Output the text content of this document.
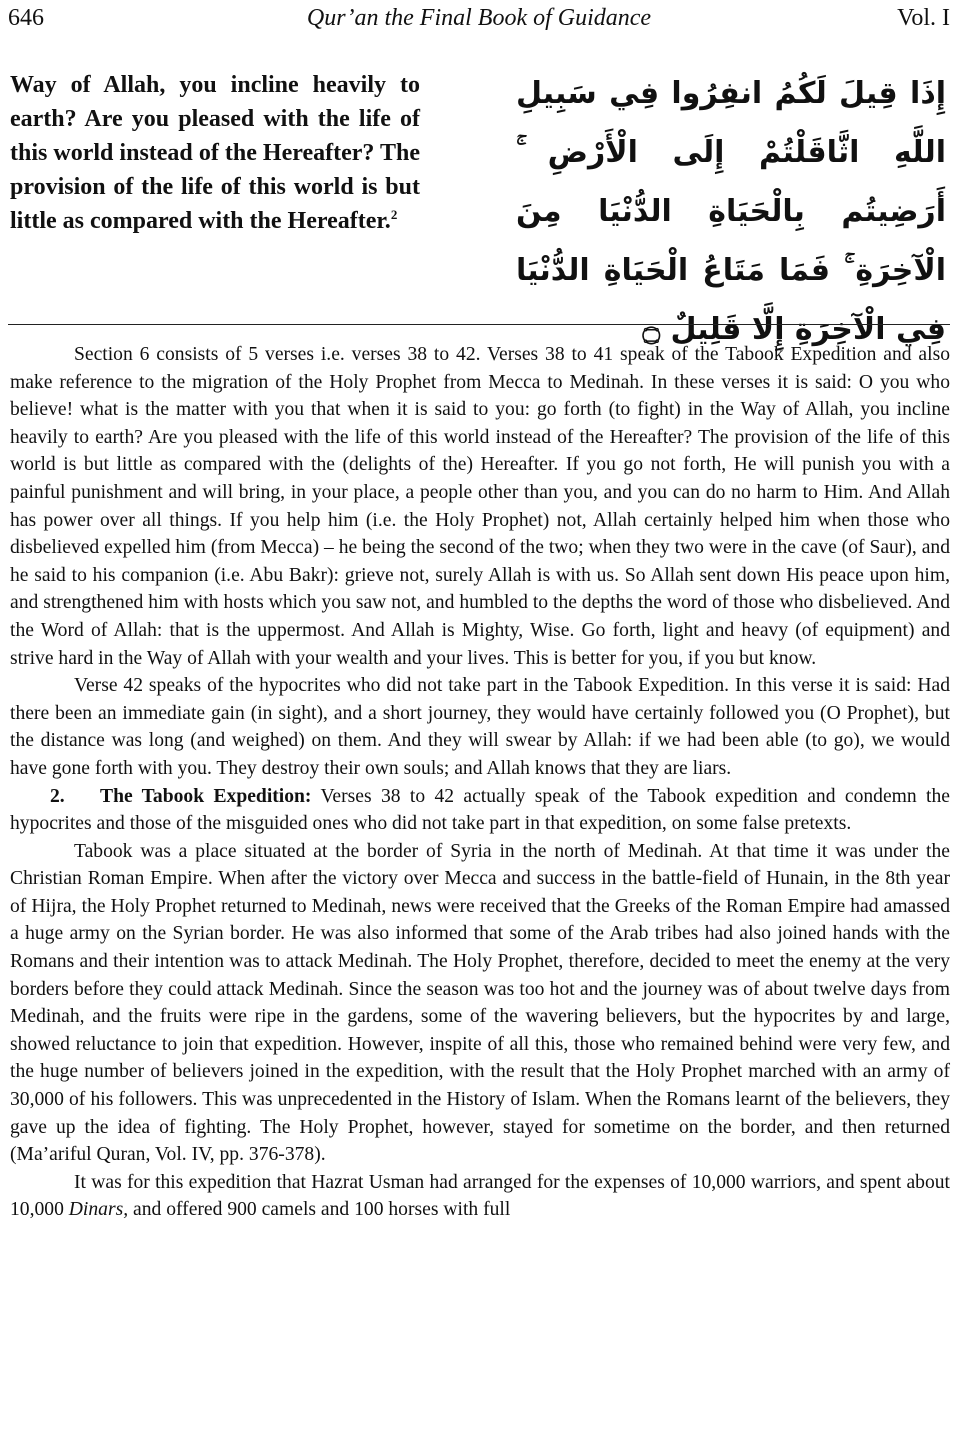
646	Qur’an the Final Book of Guidance	Vol. I
Way of Allah, you incline heavily to earth? Are you pleased with the life of this world instead of the Hereafter? The provision of the life of this world is but little as compared with the Hereafter.$^2$
إِذَا قِيلَ لَكُمُ انفِرُوا فِي سَبِيلِ اللَّهِ اثَّاقَلْتُمْ إِلَى الْأَرْضِ ۚ أَرَضِيتُم بِالْحَيَاةِ الدُّنْيَا مِنَ الْآخِرَةِ ۚ فَمَا مَتَاعُ الْحَيَاةِ الدُّنْيَا فِي الْآخِرَةِ إِلَّا قَلِيلٌ ۝

Section 6 consists of 5 verses i.e. verses 38 to 42. Verses 38 to 41 speak of the Tabook Expedition and also make reference to the migration of the Holy Prophet from Mecca to Medinah. In these verses it is said: O you who believe! what is the matter with you that when it is said to you: go forth (to fight) in the Way of Allah, you incline heavily to earth? Are you pleased with the life of this world instead of the Hereafter? The provision of the life of this world is but little as compared with the (delights of the) Hereafter. If you go not forth, He will punish you with a painful punishment and will bring, in your place, a people other than you, and you can do no harm to Him. And Allah has power over all things. If you help him (i.e. the Holy Prophet) not, Allah certainly helped him when those who disbelieved expelled him (from Mecca) – he being the second of the two; when they two were in the cave (of Saur), and he said to his companion (i.e. Abu Bakr): grieve not, surely Allah is with us. So Allah sent down His peace upon him, and strengthened him with hosts which you saw not, and humbled to the depths the word of those who disbelieved. And the Word of Allah: that is the uppermost. And Allah is Mighty, Wise. Go forth, light and heavy (of equipment) and strive hard in the Way of Allah with your wealth and your lives. This is better for you, if you but know.

Verse 42 speaks of the hypocrites who did not take part in the Tabook Expedition. In this verse it is said: Had there been an immediate gain (in sight), and a short journey, they would have certainly followed you (O Prophet), but the distance was long (and weighed) on them. And they will swear by Allah: if we had been able (to go), we would have gone forth with you. They destroy their own souls; and Allah knows that they are liars.

2. The Tabook Expedition: Verses 38 to 42 actually speak of the Tabook expedition and condemn the hypocrites and those of the misguided ones who did not take part in that expedition, on some false pretexts.

Tabook was a place situated at the border of Syria in the north of Medinah. At that time it was under the Christian Roman Empire. When after the victory over Mecca and success in the battle-field of Hunain, in the 8th year of Hijra, the Holy Prophet returned to Medinah, news were received that the Greeks of the Roman Empire had amassed a huge army on the Syrian border. He was also informed that some of the Arab tribes had also joined hands with the Romans and their intention was to attack Medinah. The Holy Prophet, therefore, decided to meet the enemy at the very borders before they could attack Medinah. Since the season was too hot and the journey was of about twelve days from Medinah, and the fruits were ripe in the gardens, some of the wavering believers, but the hypocrites by and large, showed reluctance to join that expedition. However, inspite of all this, those who remained behind were very few, and the huge number of believers joined in the expedition, with the result that the Holy Prophet marched with an army of 30,000 of his followers. This was unprecedented in the History of Islam. When the Romans learnt of the believers, they gave up the idea of fighting. The Holy Prophet, however, stayed for sometime on the border, and then returned (Ma’ariful Quran, Vol. IV, pp. 376-378).

It was for this expedition that Hazrat Usman had arranged for the expenses of 10,000 warriors, and spent about 10,000 Dinars, and offered 900 camels and 100 horses with full
